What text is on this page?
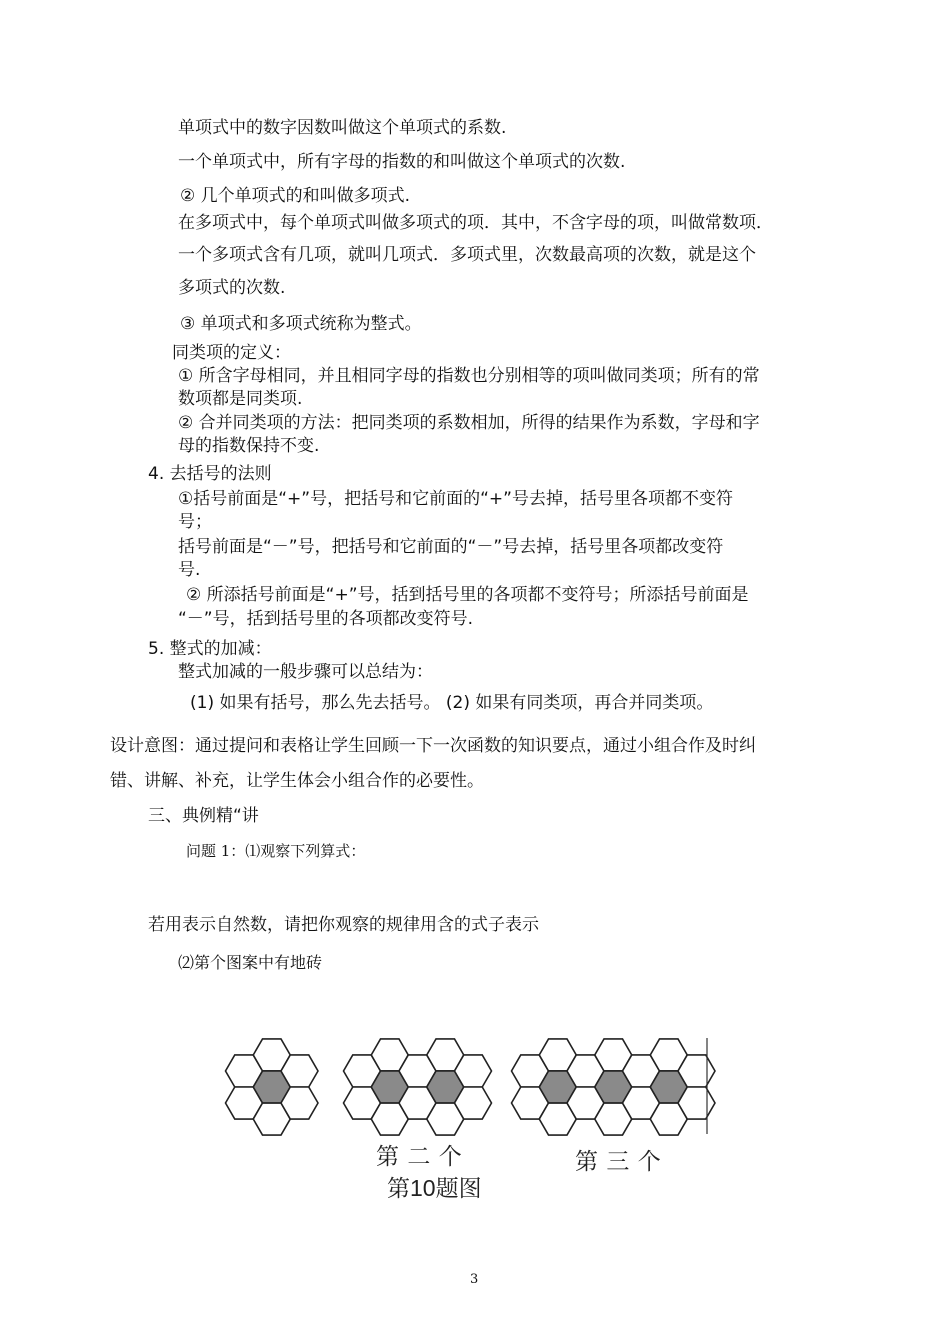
单项式中的数字因数叫做这个单项式的系数.
一个单项式中，所有字母的指数的和叫做这个单项式的次数.
② 几个单项式的和叫做多项式.
在多项式中，每个单项式叫做多项式的项．其中，不含字母的项，叫做常数项．
一个多项式含有几项，就叫几项式．多项式里，次数最高项的次数，就是这个
多项式的次数.
③ 单项式和多项式统称为整式。
同类项的定义：
① 所含字母相同，并且相同字母的指数也分别相等的项叫做同类项；所有的常
数项都是同类项.
② 合并同类项的方法：把同类项的系数相加，所得的结果作为系数，字母和字
母的指数保持不变.
4. 去括号的法则
①括号前面是“+”号，把括号和它前面的“+”号去掉，括号里各项都不变符
号；
括号前面是“－”号，把括号和它前面的“－”号去掉，括号里各项都改变符
号.
② 所添括号前面是“+”号，括到括号里的各项都不变符号；所添括号前面是
“－”号，括到括号里的各项都改变符号.
5. 整式的加减：
整式加减的一般步骤可以总结为：
(1) 如果有括号，那么先去括号。 (2) 如果有同类项，再合并同类项。
设计意图：通过提问和表格让学生回顾一下一次函数的知识要点，通过小组合作及时纠
错、讲解、补充，让学生体会小组合作的必要性。
三、典例精“讲
问题 1：⑴观察下列算式：
若用表示自然数，请把你观察的规律用含的式子表示
⑵第个图案中有地砖
第 二 个	第 三 个
第10题图
3
